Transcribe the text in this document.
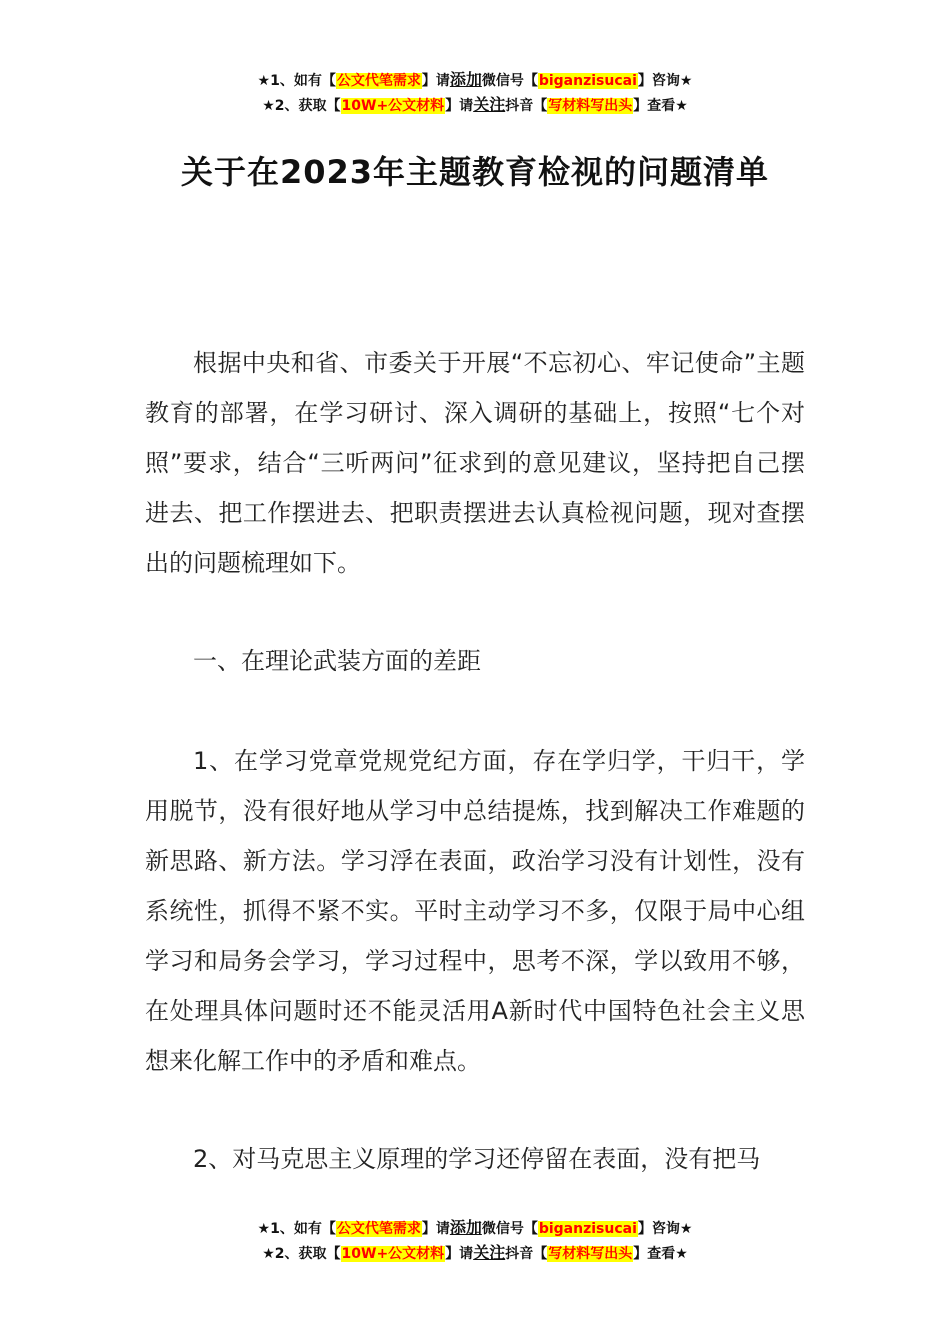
★1、如有【公文代笔需求】请添加微信号【biganzisucai】咨询★
★2、获取【10W+公文材料】请关注抖音【写材料写出头】查看★
关于在2023年主题教育检视的问题清单

根据中央和省、市委关于开展“不忘初心、牢记使命”主题教育的部署，在学习研讨、深入调研的基础上，按照“七个对照”要求，结合“三听两问”征求到的意见建议，坚持把自己摆进去、把工作摆进去、把职责摆进去认真检视问题，现对查摆出的问题梳理如下。

一、在理论武装方面的差距

1、在学习党章党规党纪方面，存在学归学，干归干，学用脱节，没有很好地从学习中总结提炼，找到解决工作难题的新思路、新方法。学习浮在表面，政治学习没有计划性，没有系统性，抓得不紧不实。平时主动学习不多，仅限于局中心组学习和局务会学习，学习过程中，思考不深，学以致用不够，在处理具体问题时还不能灵活用A新时代中国特色社会主义思想来化解工作中的矛盾和难点。

2、对马克思主义原理的学习还停留在表面，没有把马

★1、如有【公文代笔需求】请添加微信号【biganzisucai】咨询★
★2、获取【10W+公文材料】请关注抖音【写材料写出头】查看★
